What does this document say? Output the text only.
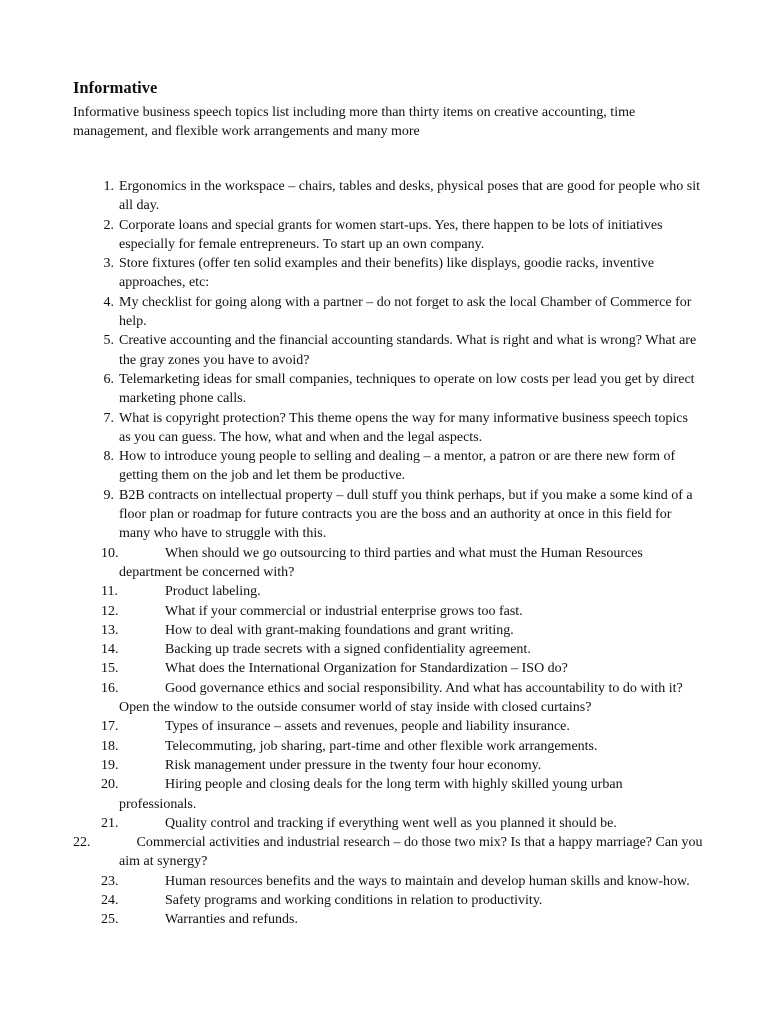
Informative
Informative business speech topics list including more than thirty items on creative accounting, time management, and flexible work arrangements and many more
1. Ergonomics in the workspace – chairs, tables and desks, physical poses that are good for people who sit all day.
2. Corporate loans and special grants for women start-ups. Yes, there happen to be lots of initiatives especially for female entrepreneurs. To start up an own company.
3. Store fixtures (offer ten solid examples and their benefits) like displays, goodie racks, inventive approaches, etc:
4. My checklist for going along with a partner – do not forget to ask the local Chamber of Commerce for help.
5. Creative accounting and the financial accounting standards. What is right and what is wrong? What are the gray zones you have to avoid?
6. Telemarketing ideas for small companies, techniques to operate on low costs per lead you get by direct marketing phone calls.
7. What is copyright protection? This theme opens the way for many informative business speech topics as you can guess. The how, what and when and the legal aspects.
8. How to introduce young people to selling and dealing – a mentor, a patron or are there new form of getting them on the job and let them be productive.
9. B2B contracts on intellectual property – dull stuff you think perhaps, but if you make a some kind of a floor plan or roadmap for future contracts you are the boss and an authority at once in this field for many who have to struggle with this.
10.	When should we go outsourcing to third parties and what must the Human Resources department be concerned with?
11.	Product labeling.
12.	What if your commercial or industrial enterprise grows too fast.
13.	How to deal with grant-making foundations and grant writing.
14.	Backing up trade secrets with a signed confidentiality agreement.
15.	What does the International Organization for Standardization – ISO do?
16.	Good governance ethics and social responsibility. And what has accountability to do with it? Open the window to the outside consumer world of stay inside with closed curtains?
17.	Types of insurance – assets and revenues, people and liability insurance.
18.	Telecommuting, job sharing, part-time and other flexible work arrangements.
19.	Risk management under pressure in the twenty four hour economy.
20.	Hiring people and closing deals for the long term with highly skilled young urban professionals.
21.	Quality control and tracking if everything went well as you planned it should be.
22.	Commercial activities and industrial research – do those two mix? Is that a happy marriage? Can you aim at synergy?
23.	Human resources benefits and the ways to maintain and develop human skills and know-how.
24.	Safety programs and working conditions in relation to productivity.
25.	Warranties and refunds.
